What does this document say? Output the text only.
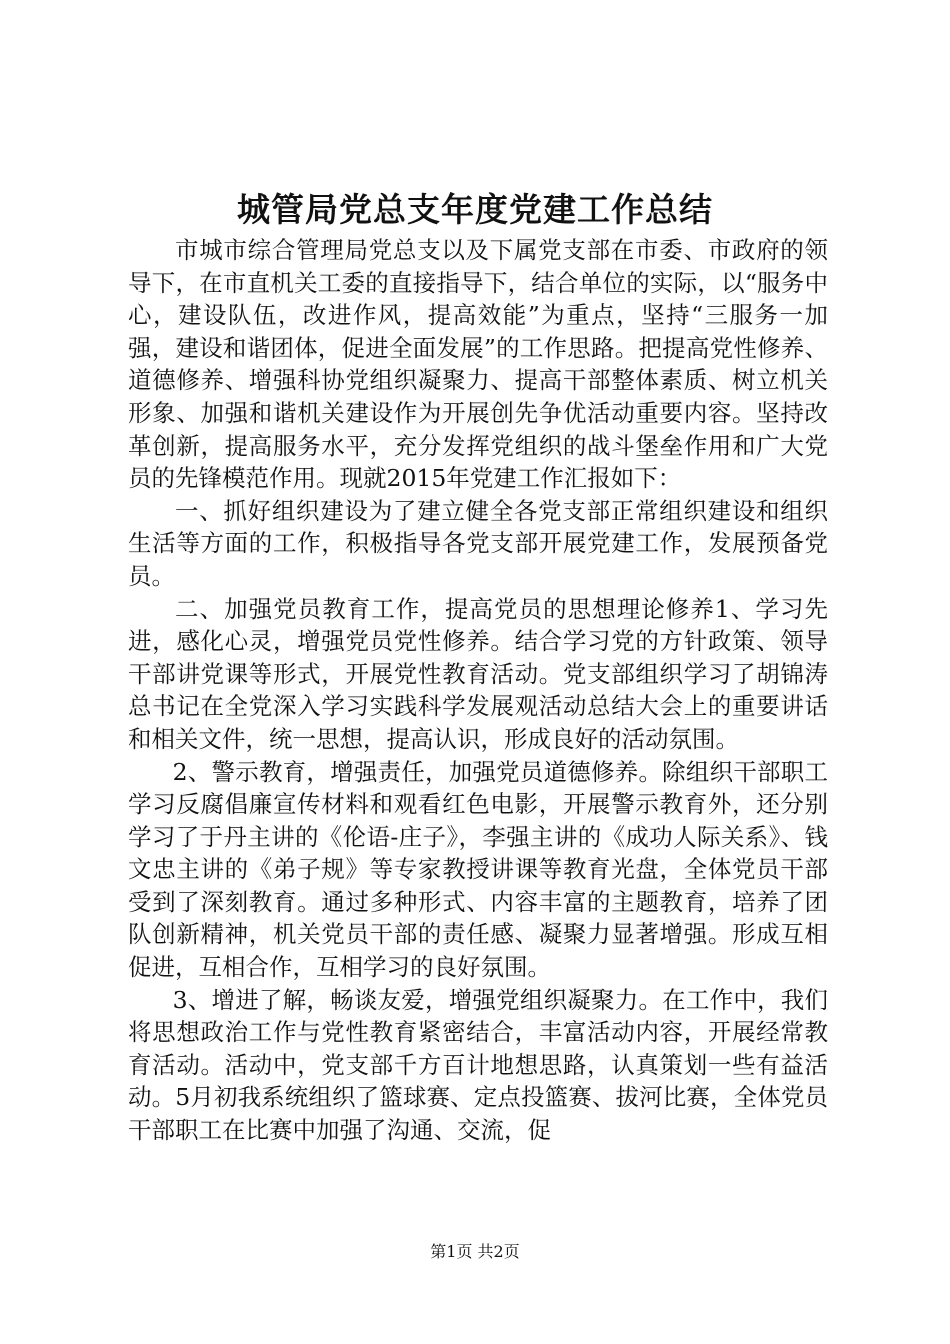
城管局党总支年度党建工作总结

市城市综合管理局党总支以及下属党支部在市委、市政府的领导下，在市直机关工委的直接指导下，结合单位的实际，以“服务中心，建设队伍，改进作风，提高效能”为重点，坚持“三服务一加强，建设和谐团体，促进全面发展”的工作思路。把提高党性修养、道德修养、增强科协党组织凝聚力、提高干部整体素质、树立机关形象、加强和谐机关建设作为开展创先争优活动重要内容。坚持改革创新，提高服务水平，充分发挥党组织的战斗堡垒作用和广大党员的先锋模范作用。现就2015年党建工作汇报如下：

一、抓好组织建设为了建立健全各党支部正常组织建设和组织生活等方面的工作，积极指导各党支部开展党建工作，发展预备党员。

二、加强党员教育工作，提高党员的思想理论修养1、学习先进，感化心灵，增强党员党性修养。结合学习党的方针政策、领导干部讲党课等形式，开展党性教育活动。党支部组织学习了胡锦涛总书记在全党深入学习实践科学发展观活动总结大会上的重要讲话和相关文件，统一思想，提高认识，形成良好的活动氛围。

2、警示教育，增强责任，加强党员道德修养。除组织干部职工学习反腐倡廉宣传材料和观看红色电影，开展警示教育外，还分别学习了于丹主讲的《伦语-庄子》，李强主讲的《成功人际关系》、钱文忠主讲的《弟子规》等专家教授讲课等教育光盘，全体党员干部受到了深刻教育。通过多种形式、内容丰富的主题教育，培养了团队创新精神，机关党员干部的责任感、凝聚力显著增强。形成互相促进，互相合作，互相学习的良好氛围。

3、增进了解，畅谈友爱，增强党组织凝聚力。在工作中，我们将思想政治工作与党性教育紧密结合，丰富活动内容，开展经常教育活动。活动中，党支部千方百计地想思路，认真策划一些有益活动。5月初我系统组织了篮球赛、定点投篮赛、拔河比赛，全体党员干部职工在比赛中加强了沟通、交流，促

第1页 共2页
